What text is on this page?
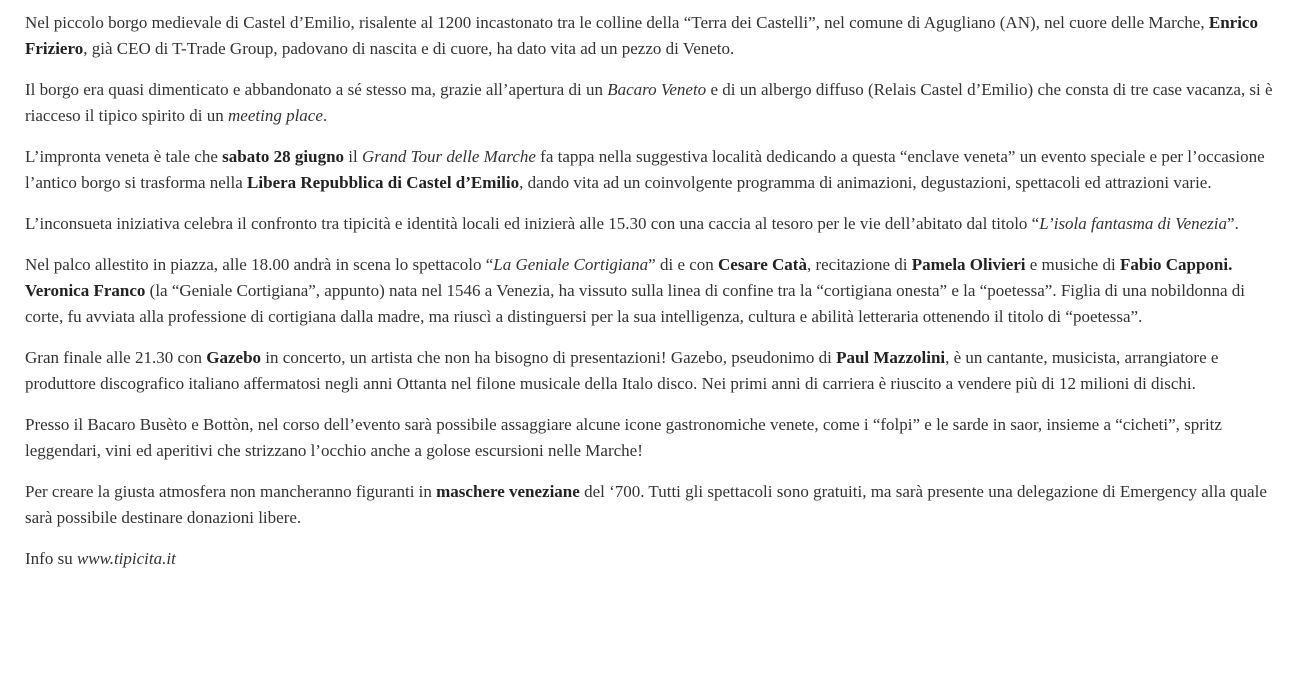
Nel piccolo borgo medievale di Castel d’Emilio, risalente al 1200 incastonato tra le colline della “Terra dei Castelli”, nel comune di Agugliano (AN), nel cuore delle Marche, Enrico Friziero, già CEO di T-Trade Group, padovano di nascita e di cuore, ha dato vita ad un pezzo di Veneto.

Il borgo era quasi dimenticato e abbandonato a sé stesso ma, grazie all’apertura di un Bacaro Veneto e di un albergo diffuso (Relais Castel d’Emilio) che consta di tre case vacanza, si è riacceso il tipico spirito di un meeting place.

L’impronta veneta è tale che sabato 28 giugno il Grand Tour delle Marche fa tappa nella suggestiva località dedicando a questa “enclave veneta” un evento speciale e per l’occasione l’antico borgo si trasforma nella Libera Repubblica di Castel d’Emilio, dando vita ad un coinvolgente programma di animazioni, degustazioni, spettacoli ed attrazioni varie.

L’inconsueta iniziativa celebra il confronto tra tipicità e identità locali ed inizierà alle 15.30 con una caccia al tesoro per le vie dell’abitato dal titolo “L’isola fantasma di Venezia”.

Nel palco allestito in piazza, alle 18.00 andrà in scena lo spettacolo “La Geniale Cortigiana” di e con Cesare Catà, recitazione di Pamela Olivieri e musiche di Fabio Capponi. Veronica Franco (la “Geniale Cortigiana”, appunto) nata nel 1546 a Venezia, ha vissuto sulla linea di confine tra la “cortigiana onesta” e la “poetessa”. Figlia di una nobildonna di corte, fu avviata alla professione di cortigiana dalla madre, ma riuscì a distinguersi per la sua intelligenza, cultura e abilità letteraria ottenendo il titolo di “poetessa”.

Gran finale alle 21.30 con Gazebo in concerto, un artista che non ha bisogno di presentazioni! Gazebo, pseudonimo di Paul Mazzolini, è un cantante, musicista, arrangiatore e produttore discografico italiano affermatosi negli anni Ottanta nel filone musicale della Italo disco. Nei primi anni di carriera è riuscito a vendere più di 12 milioni di dischi.

Presso il Bacaro Busèto e Bottòn, nel corso dell’evento sarà possibile assaggiare alcune icone gastronomiche venete, come i “folpi” e le sarde in saor, insieme a “cicheti”, spritz leggendari, vini ed aperitivi che strizzano l’occhio anche a golose escursioni nelle Marche!

Per creare la giusta atmosfera non mancheranno figuranti in maschere veneziane del ‘700. Tutti gli spettacoli sono gratuiti, ma sarà presente una delegazione di Emergency alla quale sarà possibile destinare donazioni libere.

Info su www.tipicita.it
